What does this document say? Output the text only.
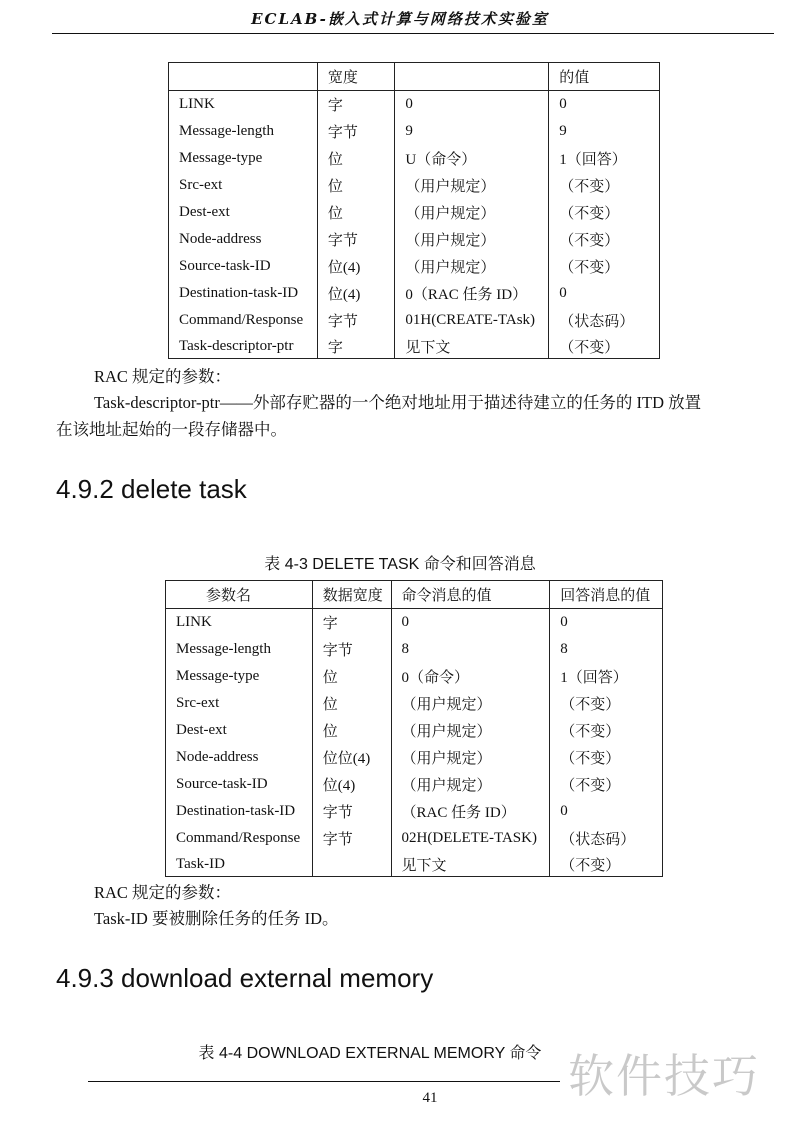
ECLAB-嵌入式计算与网络技术实验室
	宽度		的值
LINK	字	0	0
Message-length	字节	9	9
Message-type	位	U（命令）	1（回答）
Src-ext	位	（用户规定）	（不变）
Dest-ext	位	（用户规定）	（不变）
Node-address	字节	（用户规定）	（不变）
Source-task-ID	位(4)	（用户规定）	（不变）
Destination-task-ID	位(4)	0（RAC 任务 ID）	0
Command/Response	字节	01H(CREATE-TAsk)	（状态码）
Task-descriptor-ptr	字	见下文	（不变）
RAC 规定的参数：
Task-descriptor-ptr——外部存贮器的一个绝对地址用于描述待建立的任务的 ITD 放置
在该地址起始的一段存储器中。
4.9.2 delete task
表 4-3 DELETE TASK 命令和回答消息
参数名	数据宽度	命令消息的值	回答消息的值
LINK	字	0	0
Message-length	字节	8	8
Message-type	位	0（命令）	1（回答）
Src-ext	位	（用户规定）	（不变）
Dest-ext	位	（用户规定）	（不变）
Node-address	位位(4)	（用户规定）	（不变）
Source-task-ID	位(4)	（用户规定）	（不变）
Destination-task-ID	字节	（RAC 任务 ID）	0
Command/Response	字节	02H(DELETE-TASK)	（状态码）
Task-ID		见下文	（不变）
RAC 规定的参数：
Task-ID 要被删除任务的任务 ID。
4.9.3 download external memory
表 4-4 DOWNLOAD EXTERNAL MEMORY 命令
41	软件技巧
